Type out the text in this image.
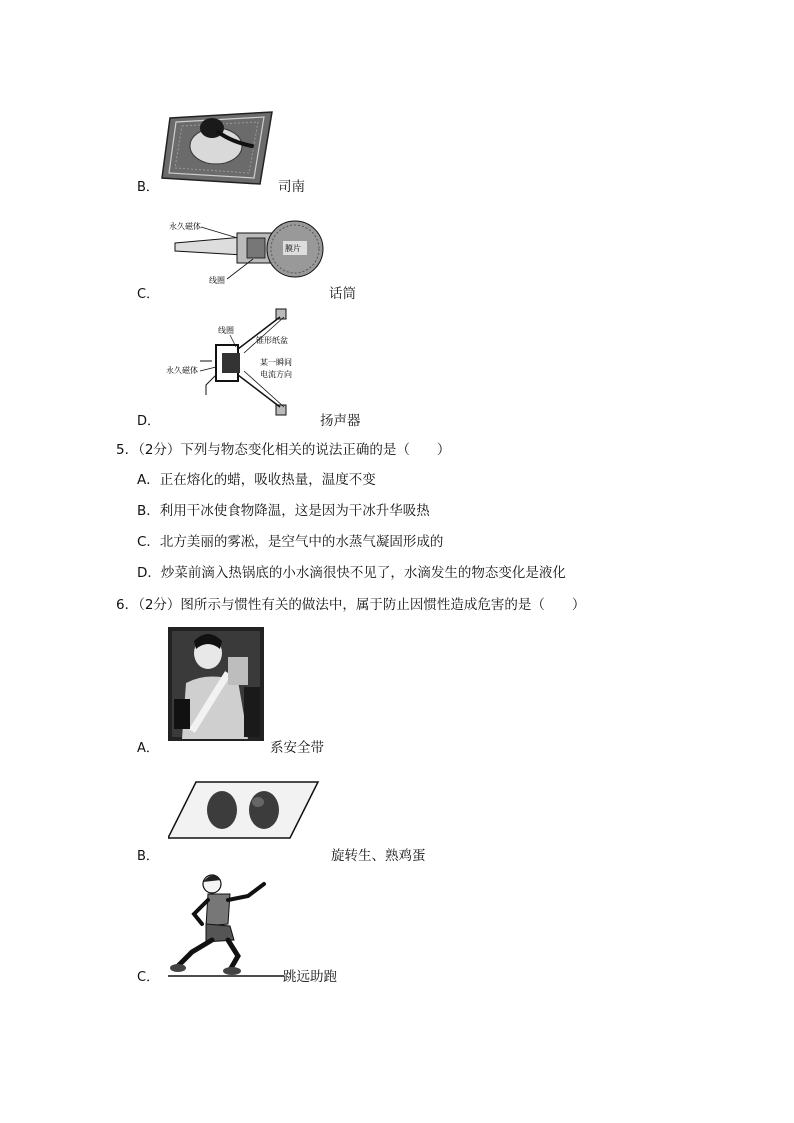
B．	司南
永久磁体
膜片
线圈
C．	话筒
线圈
锥形纸盆
永久磁体
某一瞬间
电流方向
D．	扬声器
5．（2分）下列与物态变化相关的说法正确的是（　　）
A．正在熔化的蜡，吸收热量，温度不变
B．利用干冰使食物降温，这是因为干冰升华吸热
C．北方美丽的雾凇，是空气中的水蒸气凝固形成的
D．炒菜前滴入热锅底的小水滴很快不见了，水滴发生的物态变化是液化
6．（2分）图所示与惯性有关的做法中，属于防止因惯性造成危害的是（　　）
A．	系安全带
B．	旋转生、熟鸡蛋
C．	跳远助跑
